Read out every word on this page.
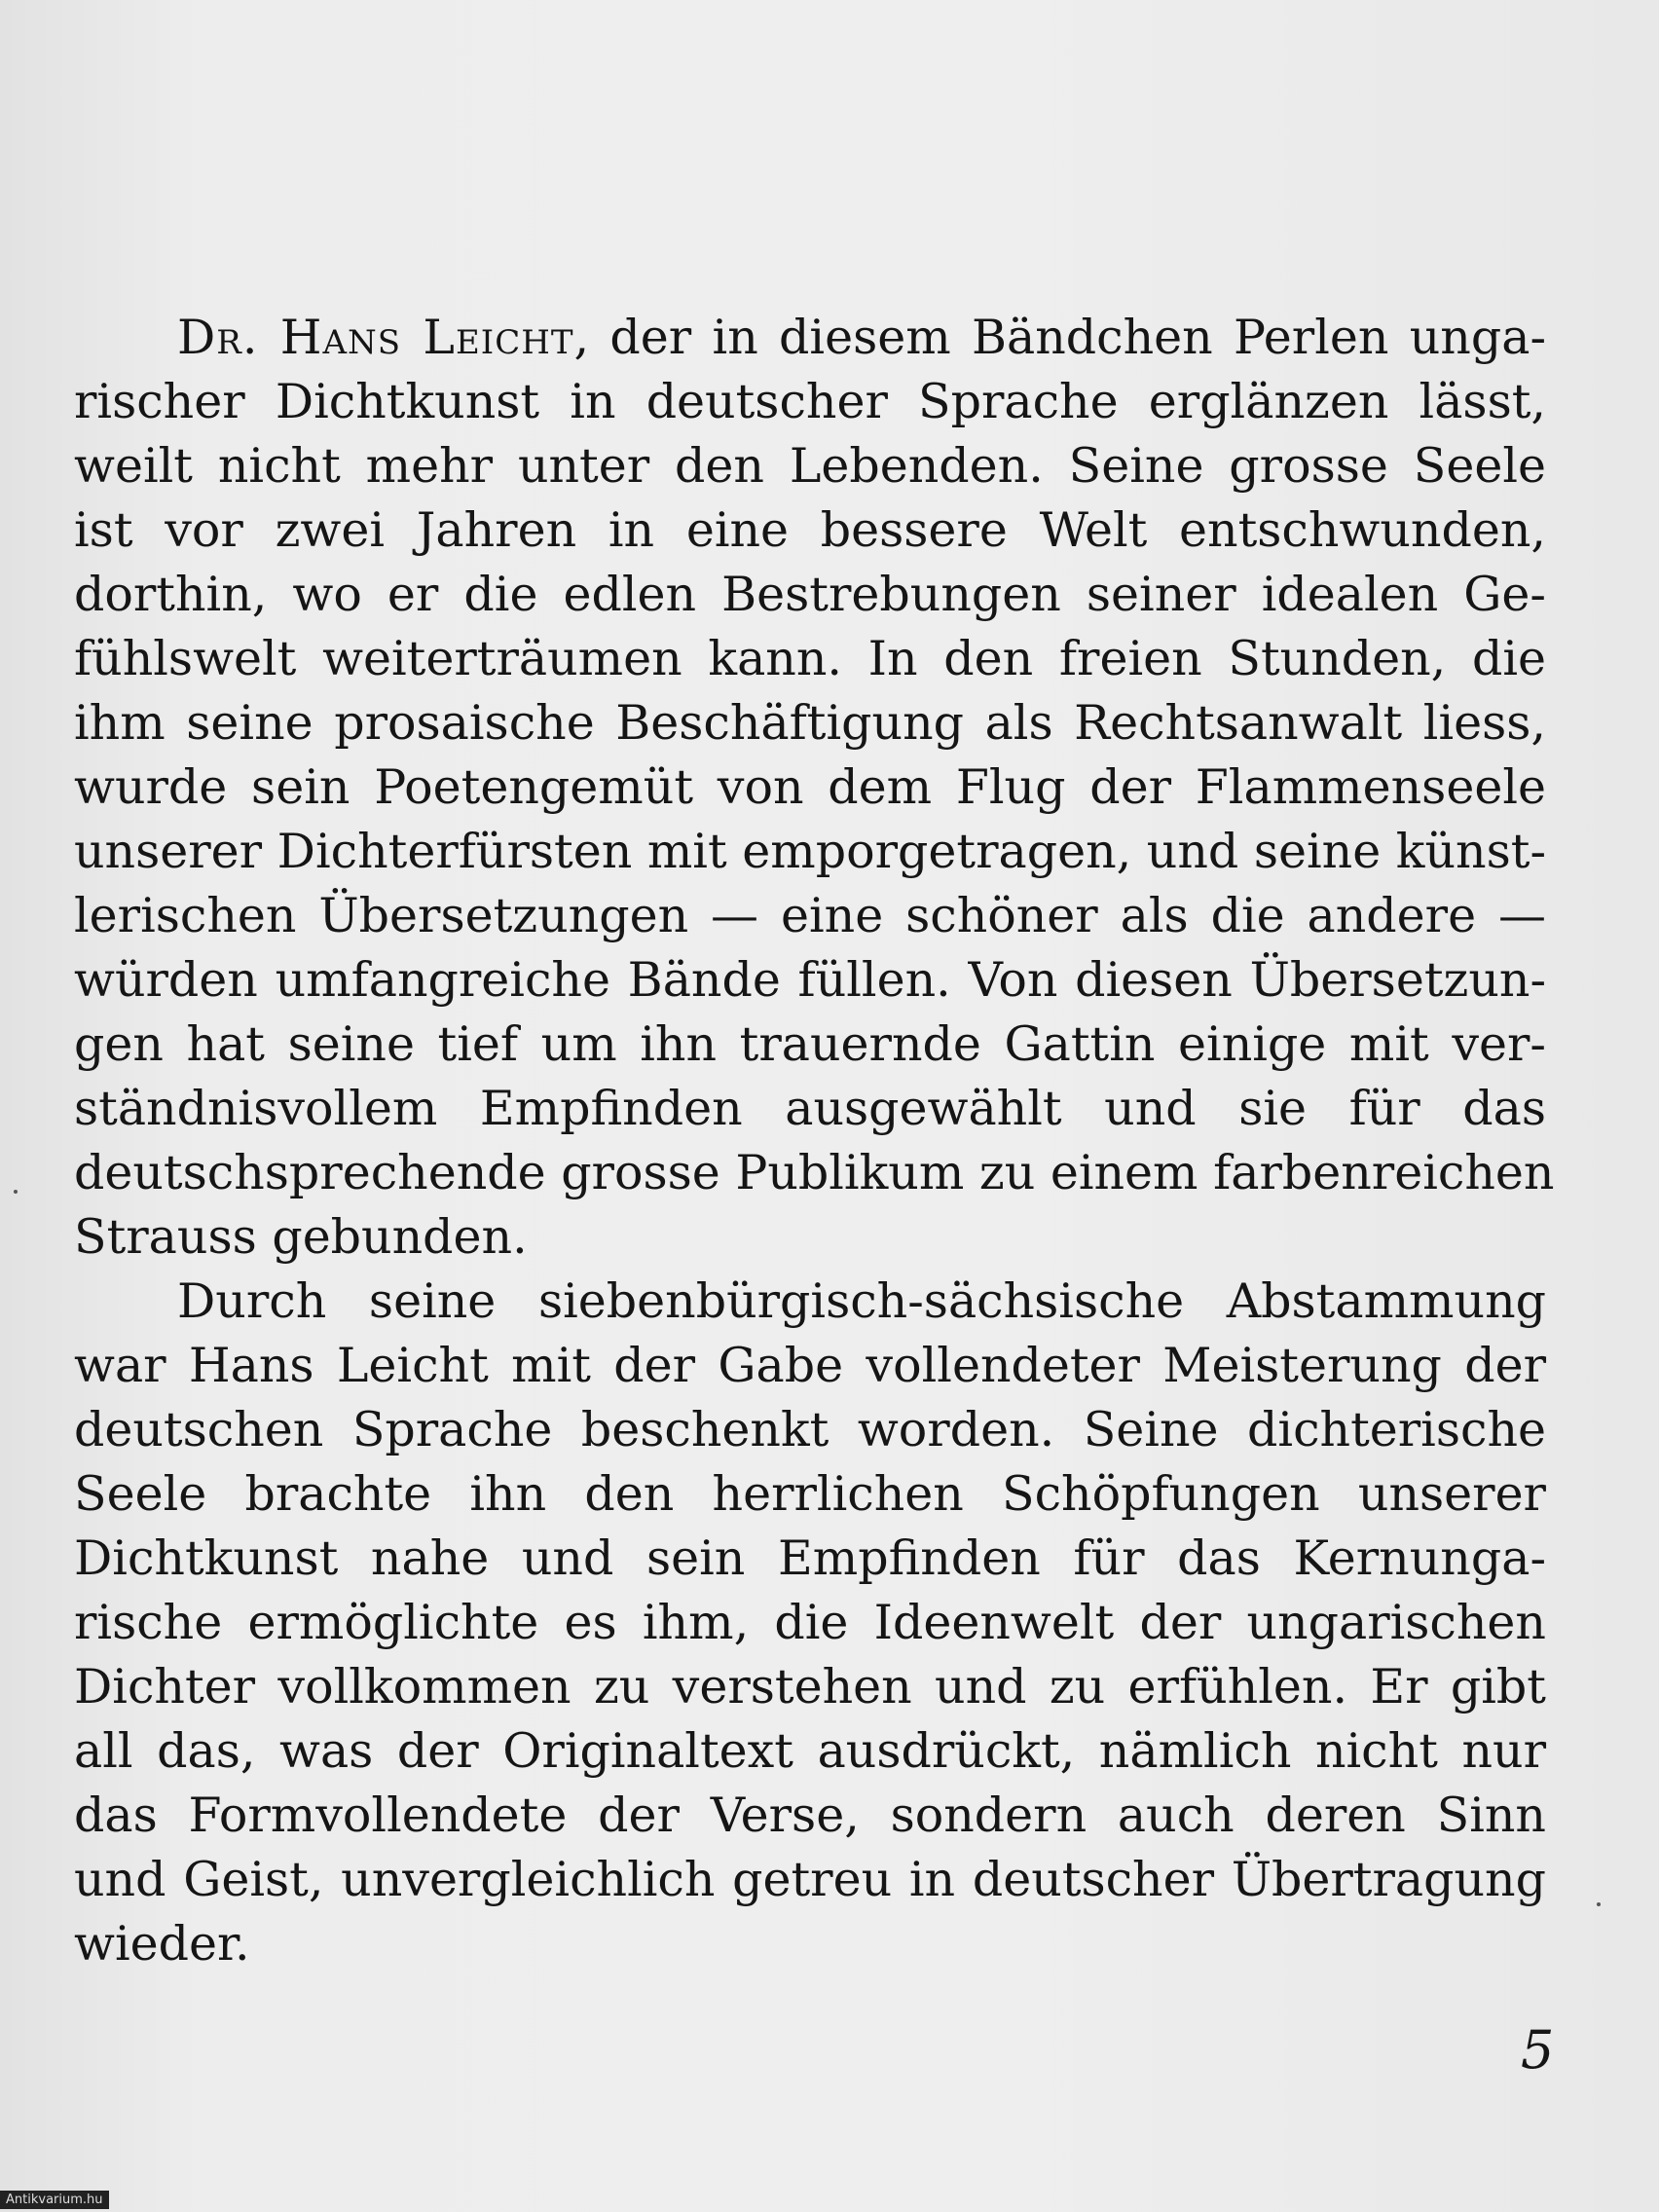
Dr. Hans Leicht, der in diesem Bändchen Perlen unga-
rischer Dichtkunst in deutscher Sprache erglänzen lässt,
weilt nicht mehr unter den Lebenden. Seine grosse Seele
ist vor zwei Jahren in eine bessere Welt entschwunden,
dorthin, wo er die edlen Bestrebungen seiner idealen Ge-
fühlswelt weiterträumen kann. In den freien Stunden, die
ihm seine prosaische Beschäftigung als Rechtsanwalt liess,
wurde sein Poetengemüt von dem Flug der Flammenseele
unserer Dichterfürsten mit emporgetragen, und seine künst-
lerischen Übersetzungen — eine schöner als die andere —
würden umfangreiche Bände füllen. Von diesen Übersetzun-
gen hat seine tief um ihn trauernde Gattin einige mit ver-
ständnisvollem Empfinden ausgewählt und sie für das
deutschsprechende grosse Publikum zu einem farbenreichen
Strauss gebunden.
Durch seine siebenbürgisch-sächsische Abstammung
war Hans Leicht mit der Gabe vollendeter Meisterung der
deutschen Sprache beschenkt worden. Seine dichterische
Seele brachte ihn den herrlichen Schöpfungen unserer
Dichtkunst nahe und sein Empfinden für das Kernunga-
rische ermöglichte es ihm, die Ideenwelt der ungarischen
Dichter vollkommen zu verstehen und zu erfühlen. Er gibt
all das, was der Originaltext ausdrückt, nämlich nicht nur
das Formvollendete der Verse, sondern auch deren Sinn
und Geist, unvergleichlich getreu in deutscher Übertragung
wieder.
5
Antikvarium.hu
